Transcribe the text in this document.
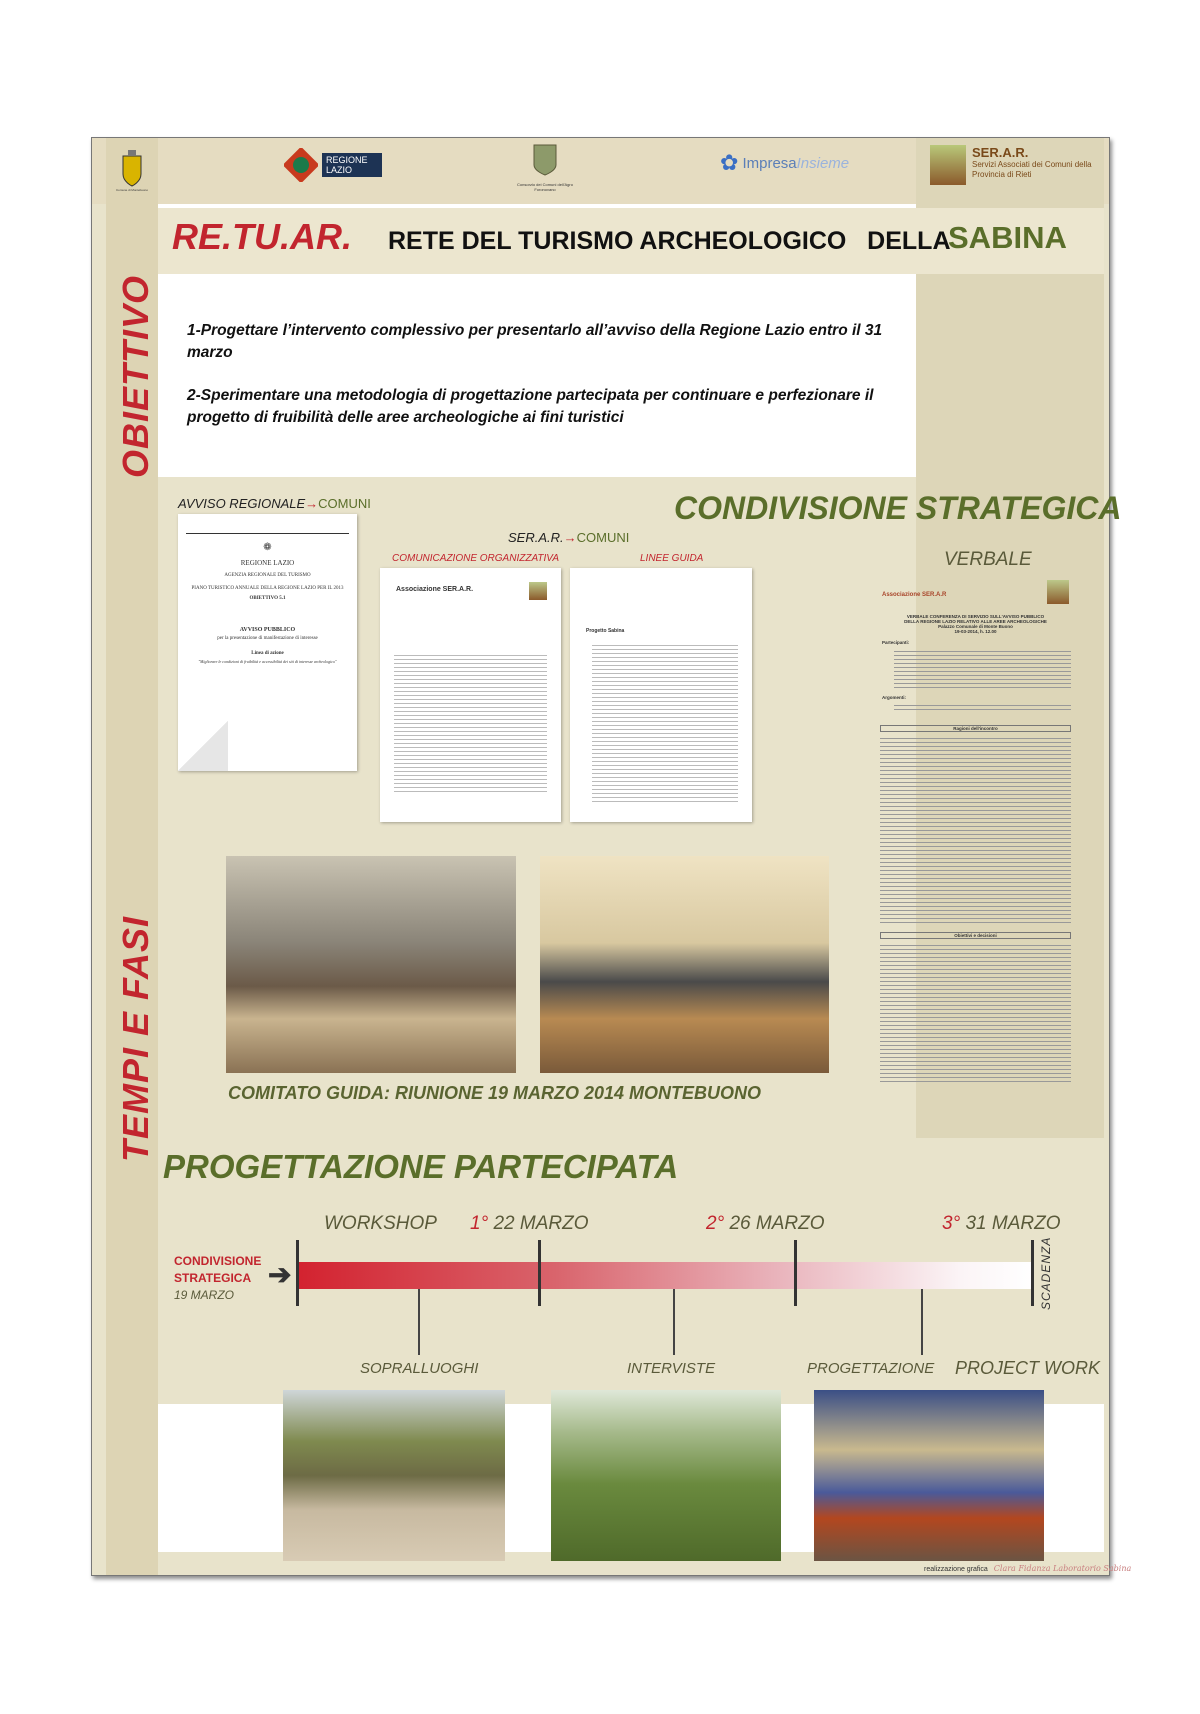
Comune di Montebuono
REGIONE LAZIO
Consorzio dei Comuni dell'Agro Foronovano
✿ Impresa Insieme
SER.A.R.
Servizi Associati dei Comuni della Provincia di Rieti
RE.TU.AR. RETE DEL TURISMO ARCHEOLOGICO   DELLA
SABINA
OBIETTIVO
TEMPI E FASI

1-Progettare l’intervento complessivo per presentarlo all’avviso della Regione Lazio entro il 31 marzo

2-Sperimentare una metodologia di progettazione partecipata per continuare e perfezionare il progetto di fruibilità delle aree archeologiche ai fini turistici

AVVISO REGIONALE→COMUNI	CONDIVISIONE STRATEGICA
SER.A.R.→COMUNI
COMUNICAZIONE ORGANIZZATIVA	LINEE GUIDA	VERBALE
❁
REGIONE LAZIO
AGENZIA REGIONALE DEL TURISMO
PIANO TURISTICO ANNUALE DELLA REGIONE LAZIO PER IL 2013
OBIETTIVO 5.1
AVVISO PUBBLICO
per la presentazione di manifestazione di interesse
Linea di azione
"Migliorare le condizioni di fruibilità e accessibilità dei siti di interesse archeologico"
Associazione SER.A.R.
Progetto Sabina
Associazione SER.A.R
VERBALE CONFERENZA DI SERVIZIO SULL'AVVISO PUBBLICO DELLA REGIONE LAZIO RELATIVO ALLE AREE ARCHEOLOGICHE
Palazzo Comunale di Monte Buono
19-03-2014, h. 12.00
Partecipanti:
Argomenti:
Ragioni dell'incontro
Obiettivi e decisioni
COMITATO GUIDA: RIUNIONE 19 MARZO 2014 MONTEBUONO
PROGETTAZIONE PARTECIPATA
CONDIVISIONE
STRATEGICA
19 MARZO
➔
WORKSHOP 1° 22 MARZO	2° 26 MARZO	3° 31 MARZO
SCADENZA
SOPRALLUOGHI	INTERVISTE	PROGETTAZIONE PROJECT WORK
realizzazione grafica Clara Fidanza Laboratorio Sabina
